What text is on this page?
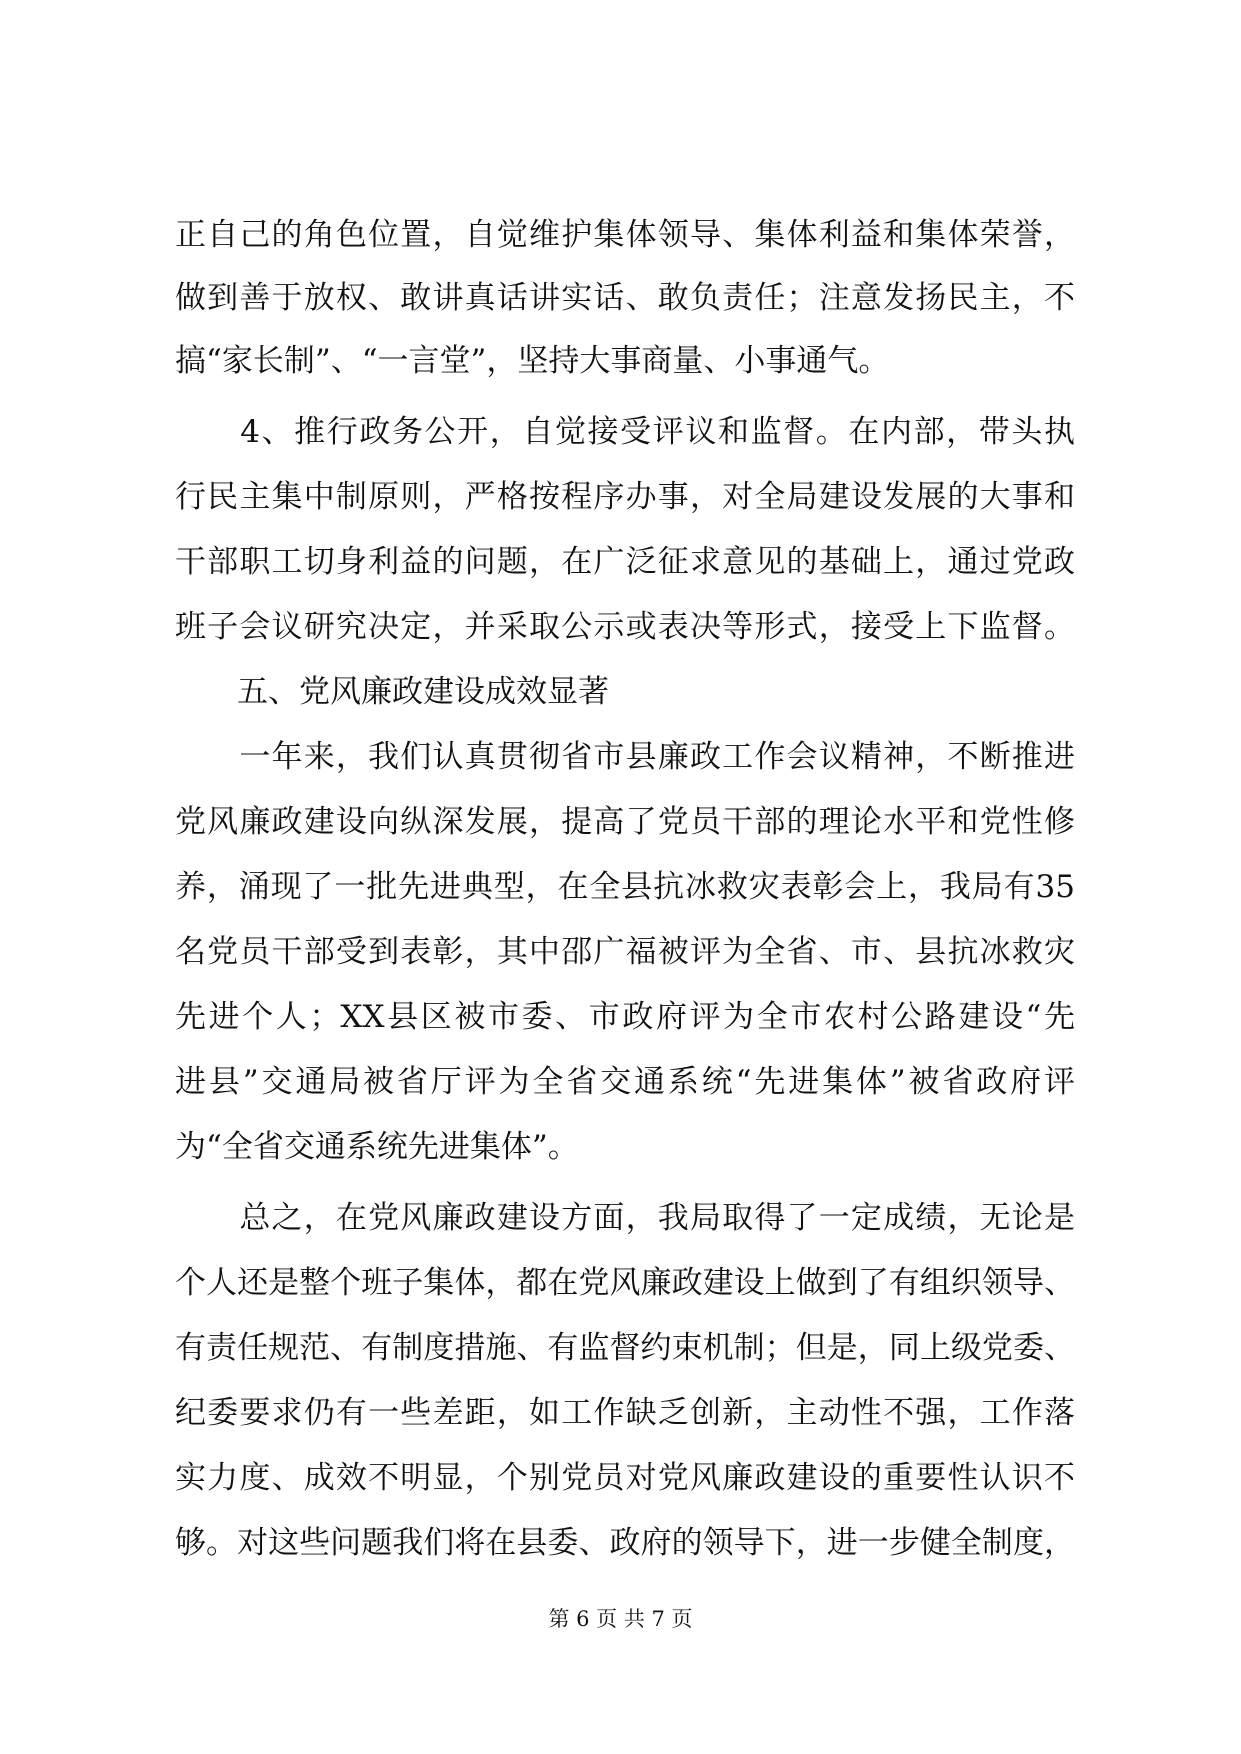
正自己的角色位置，自觉维护集体领导、集体利益和集体荣誉，
做到善于放权、敢讲真话讲实话、敢负责任；注意发扬民主，不
搞“家长制”、“一言堂”，坚持大事商量、小事通气。
　　4、推行政务公开，自觉接受评议和监督。在内部，带头执
行民主集中制原则，严格按程序办事，对全局建设发展的大事和
干部职工切身利益的问题，在广泛征求意见的基础上，通过党政
班子会议研究决定，并采取公示或表决等形式，接受上下监督。
　　五、党风廉政建设成效显著
　　一年来，我们认真贯彻省市县廉政工作会议精神，不断推进
党风廉政建设向纵深发展，提高了党员干部的理论水平和党性修
养，涌现了一批先进典型，在全县抗冰救灾表彰会上，我局有35
名党员干部受到表彰，其中邵广福被评为全省、市、县抗冰救灾
先进个人；XX县区被市委、市政府评为全市农村公路建设“先
进县”交通局被省厅评为全省交通系统“先进集体”被省政府评
为“全省交通系统先进集体”。
　　总之，在党风廉政建设方面，我局取得了一定成绩，无论是
个人还是整个班子集体，都在党风廉政建设上做到了有组织领导、
有责任规范、有制度措施、有监督约束机制；但是，同上级党委、
纪委要求仍有一些差距，如工作缺乏创新，主动性不强，工作落
实力度、成效不明显，个别党员对党风廉政建设的重要性认识不
够。对这些问题我们将在县委、政府的领导下，进一步健全制度，
第 6 页 共 7 页
